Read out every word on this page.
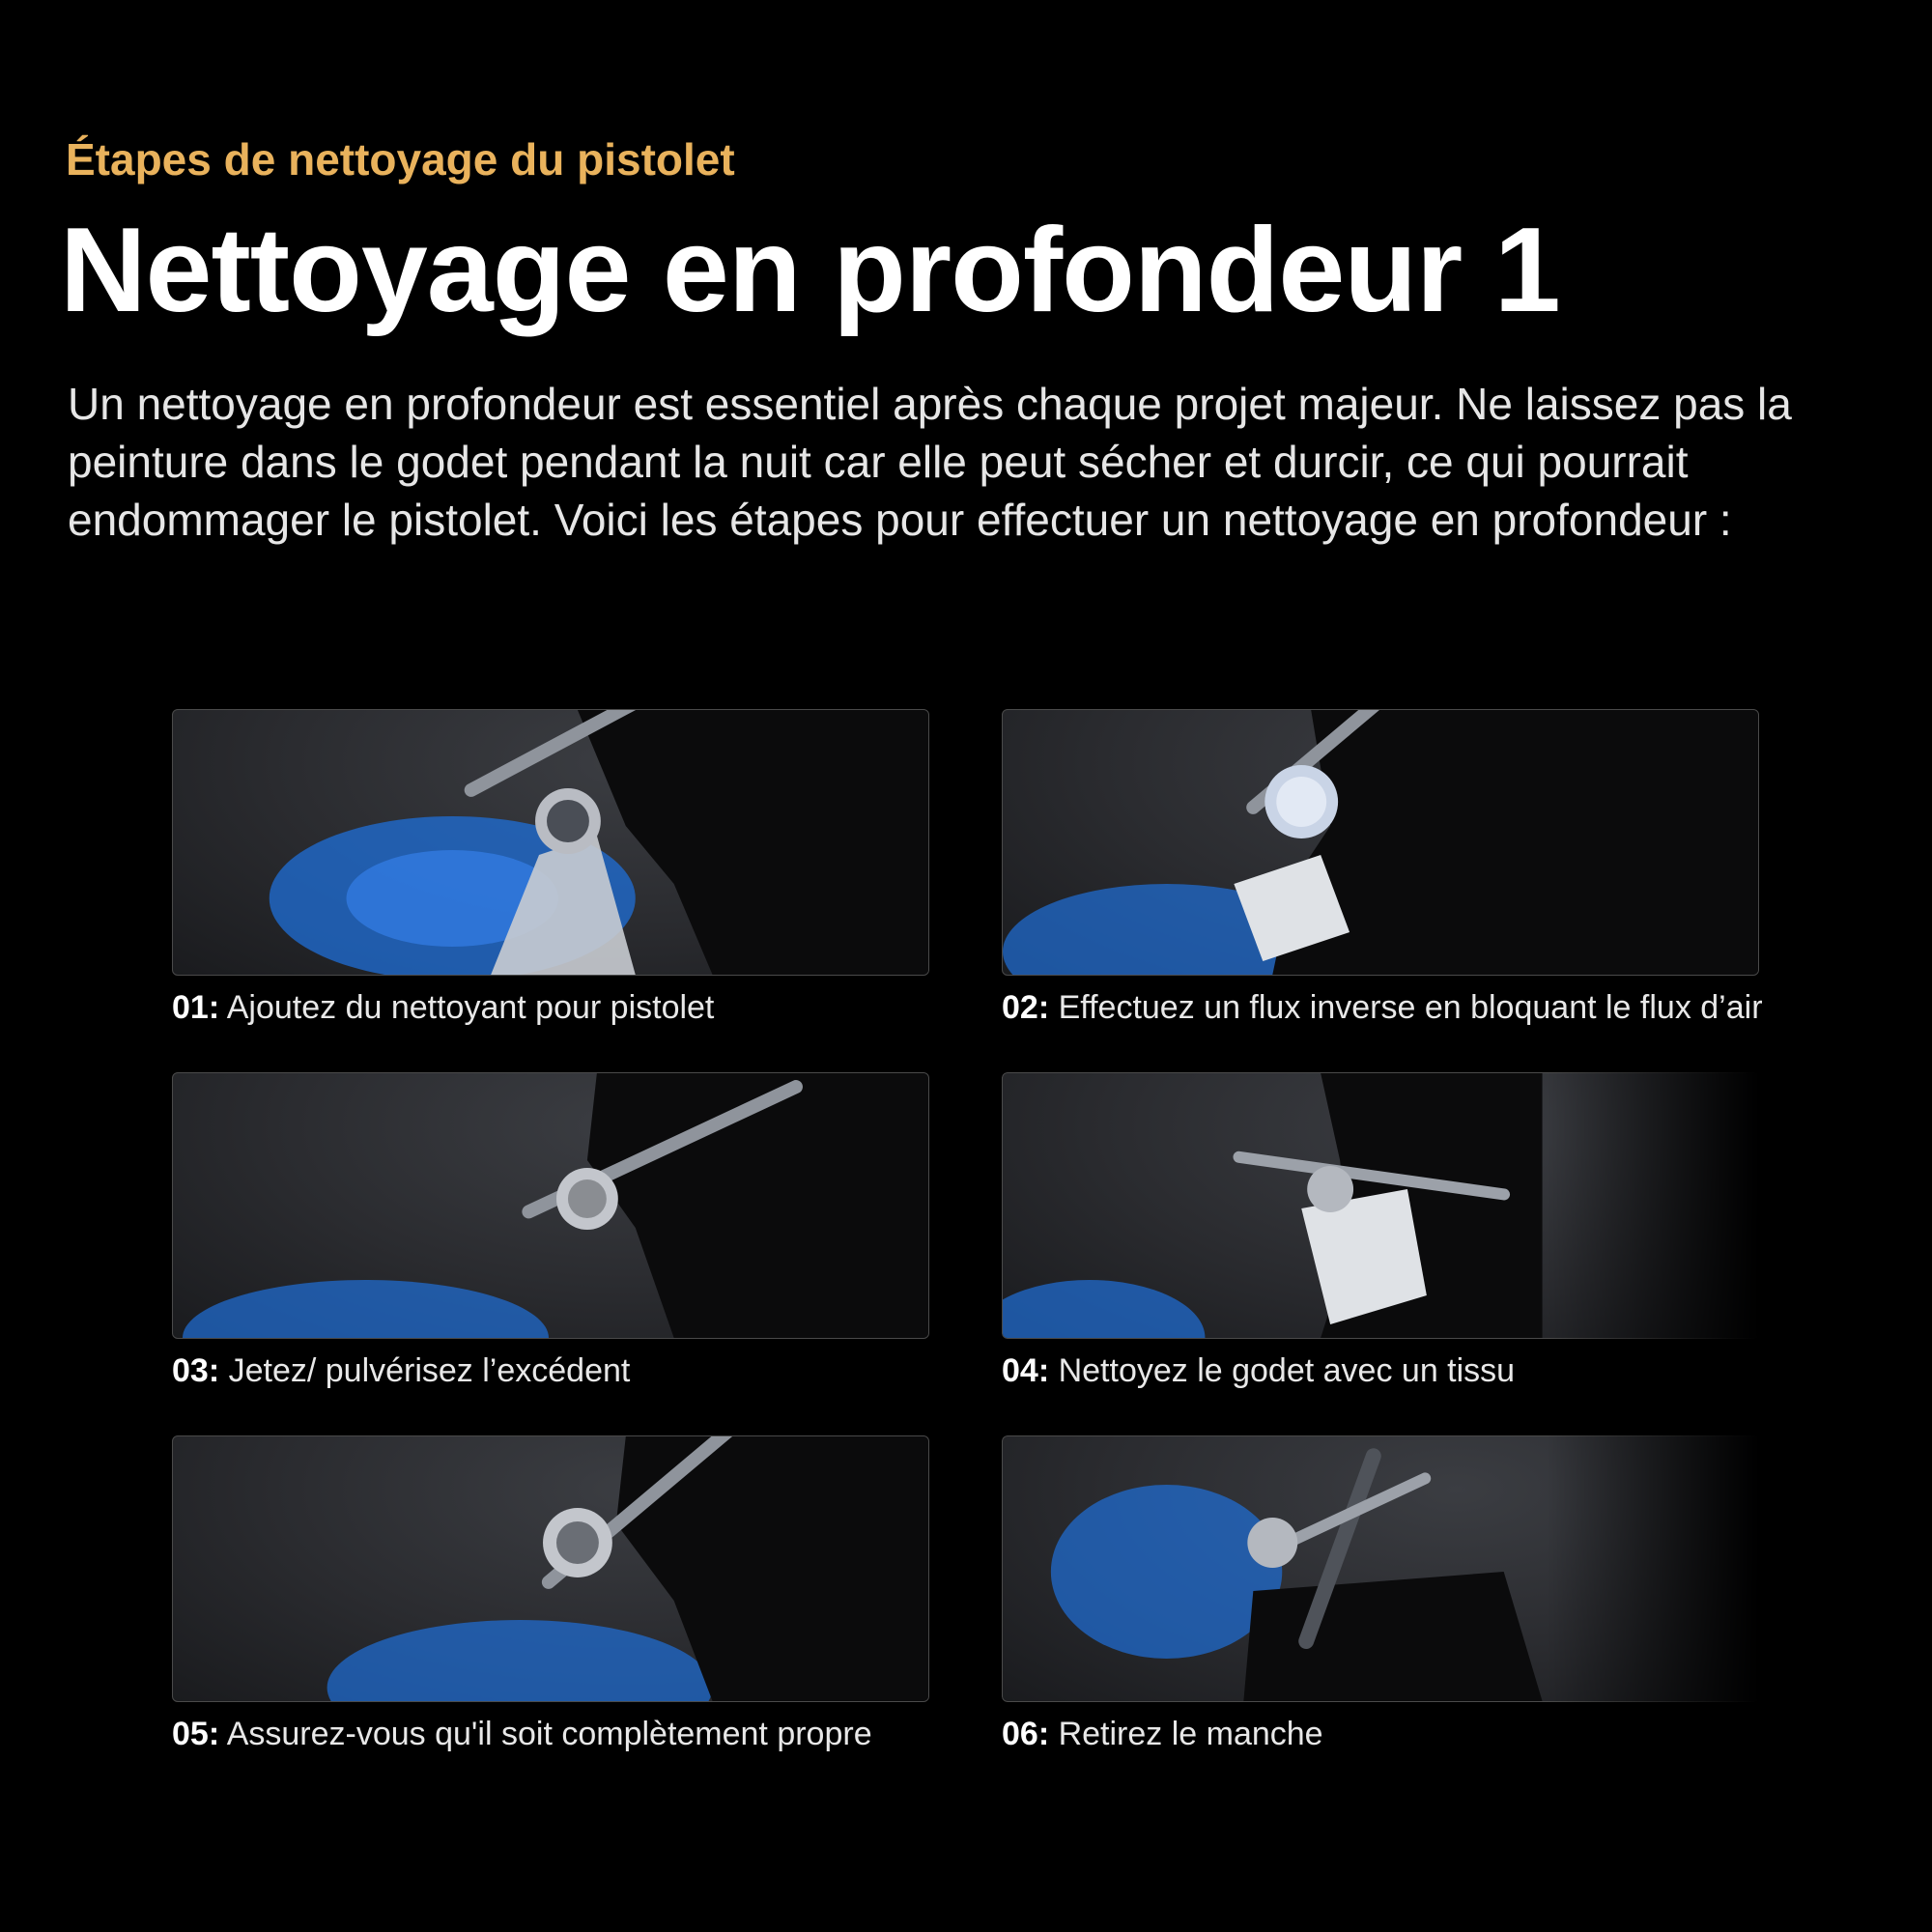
Étapes de nettoyage du pistolet
Nettoyage en profondeur 1

Un nettoyage en profondeur est essentiel après chaque projet majeur. Ne laissez pas la peinture dans le godet pendant la nuit car elle peut sécher et durcir, ce qui pourrait endommager le pistolet. Voici les étapes pour effectuer un nettoyage en profondeur :

01: Ajoutez du nettoyant pour pistolet	02: Effectuez un flux inverse en bloquant le flux d’air
03: Jetez/ pulvérisez l’excédent	04: Nettoyez le godet avec un tissu
05: Assurez-vous qu'il soit complètement propre	06: Retirez le manche
